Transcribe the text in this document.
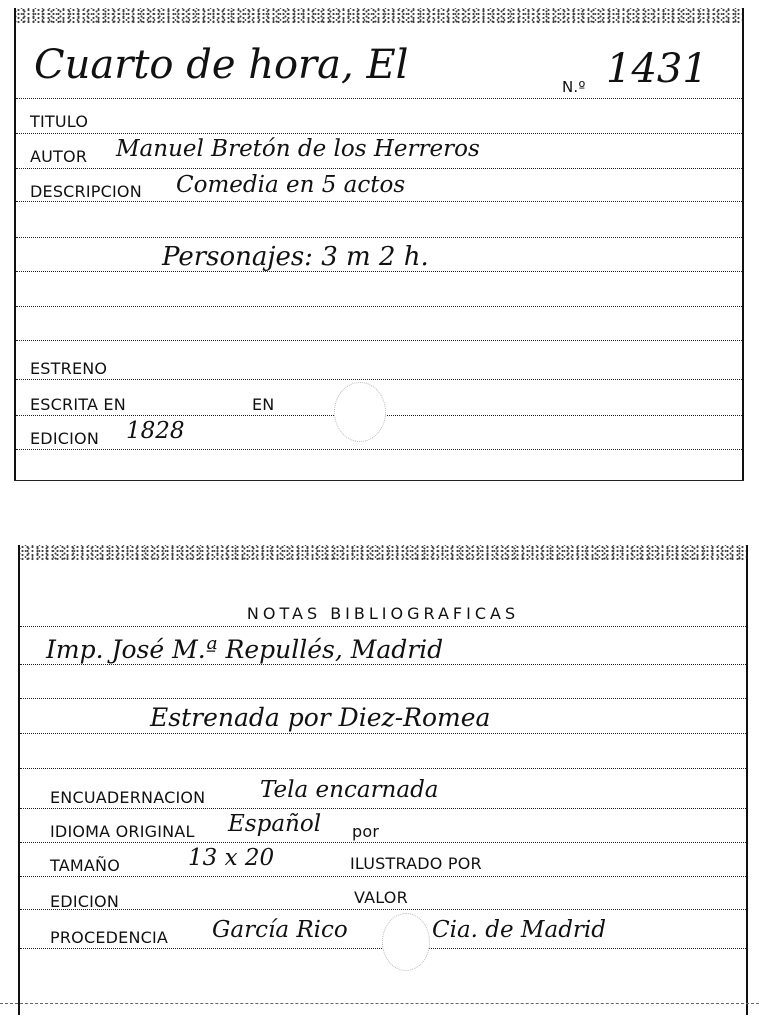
Cuarto de hora, El	N.º 1431
TITULO
AUTOR Manuel Bretón de los Herreros
DESCRIPCION Comedia en 5 actos
Personajes: 3 m 2 h.
ESTRENO
ESCRITA EN	EN
EDICION 1828
NOTAS BIBLIOGRAFICAS
Imp. José M.ª Repullés, Madrid
Estrenada por Diez-Romea
ENCUADERNACION Tela encarnada
IDIOMA ORIGINAL Español por
TAMAÑO	13 x 20	ILUSTRADO POR
EDICION	VALOR
PROCEDENCIA García Rico	Cia. de Madrid
